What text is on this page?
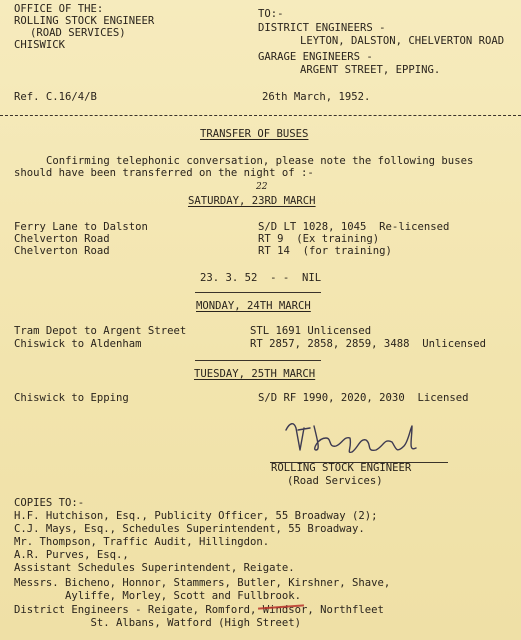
OFFICE OF THE:
ROLLING STOCK ENGINEER
(ROAD SERVICES)
CHISWICK
TO:-
DISTRICT ENGINEERS -
LEYTON, DALSTON, CHELVERTON ROAD
GARAGE ENGINEERS -
ARGENT STREET, EPPING.
Ref. C.16/4/B	26th March, 1952.
TRANSFER OF BUSES
Confirming telephonic conversation, please note the following buses
should have been transferred on the night of :-
22
SATURDAY, 23RD MARCH
Ferry Lane to Dalston	S/D LT 1028, 1045  Re-licensed
Chelverton Road	RT 9  (Ex training)
Chelverton Road	RT 14  (for training)
23. 3. 52  - -  NIL
MONDAY, 24TH MARCH
Tram Depot to Argent Street	STL 1691 Unlicensed
Chiswick to Aldenham	RT 2857, 2858, 2859, 3488  Unlicensed
TUESDAY, 25TH MARCH
Chiswick to Epping	S/D RF 1990, 2020, 2030  Licensed
ROLLING STOCK ENGINEER
(Road Services)
COPIES TO:-
H.F. Hutchison, Esq., Publicity Officer, 55 Broadway (2);
C.J. Mays, Esq., Schedules Superintendent, 55 Broadway.
Mr. Thompson, Traffic Audit, Hillingdon.
A.R. Purves, Esq.,
Assistant Schedules Superintendent, Reigate.
Messrs. Bicheno, Honnor, Stammers, Butler, Kirshner, Shave,
Ayliffe, Morley, Scott and Fullbrook.
District Engineers - Reigate, Romford, Windsor, Northfleet
St. Albans, Watford (High Street)
